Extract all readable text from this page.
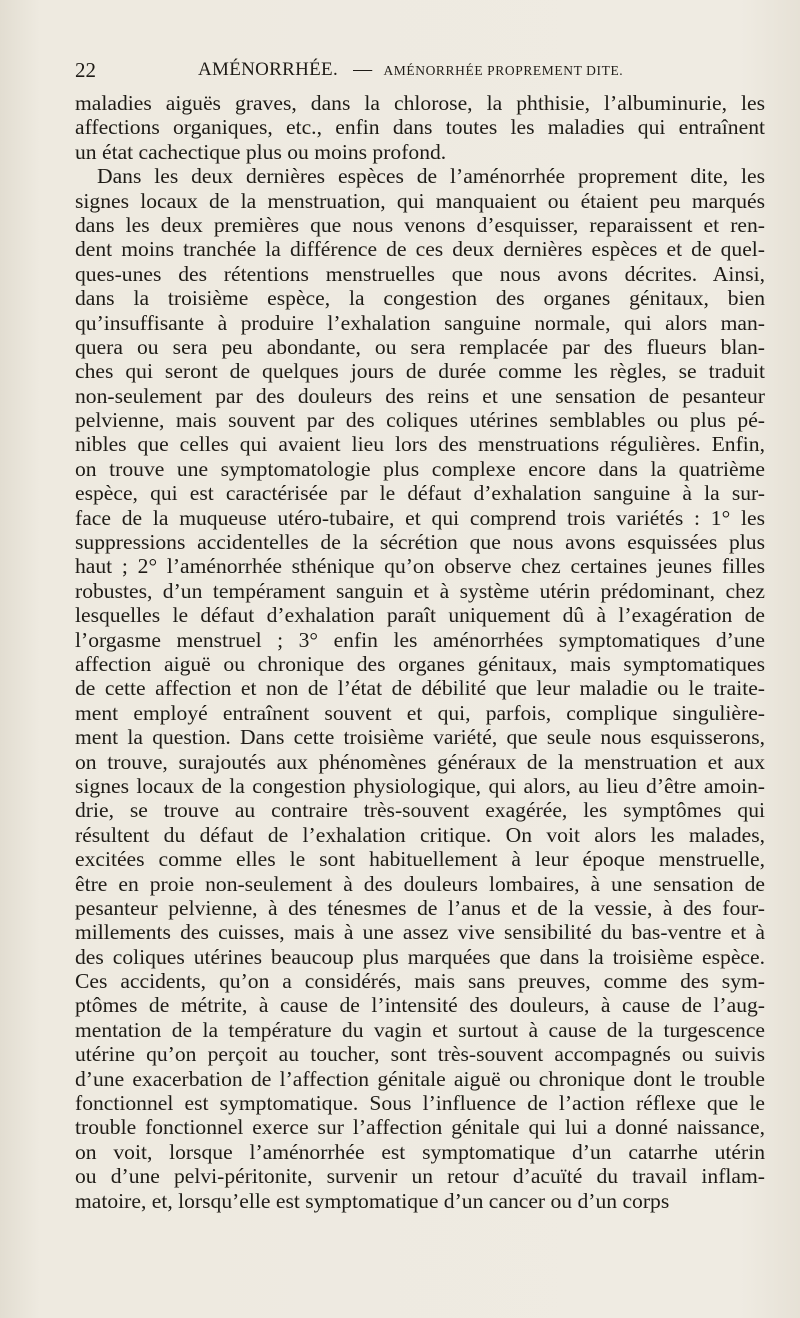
22	AMÉNORRHÉE. — AMÉNORRHÉE PROPREMENT DITE.
maladies aiguës graves, dans la chlorose, la phthisie, l’albuminurie, les
affections organiques, etc., enfin dans toutes les maladies qui entraînent
un état cachectique plus ou moins profond.
Dans les deux dernières espèces de l’aménorrhée proprement dite, les
signes locaux de la menstruation, qui manquaient ou étaient peu marqués
dans les deux premières que nous venons d’esquisser, reparaissent et ren-
dent moins tranchée la différence de ces deux dernières espèces et de quel-
ques-unes des rétentions menstruelles que nous avons décrites. Ainsi,
dans la troisième espèce, la congestion des organes génitaux, bien
qu’insuffisante à produire l’exhalation sanguine normale, qui alors man-
quera ou sera peu abondante, ou sera remplacée par des flueurs blan-
ches qui seront de quelques jours de durée comme les règles, se traduit
non-seulement par des douleurs des reins et une sensation de pesanteur
pelvienne, mais souvent par des coliques utérines semblables ou plus pé-
nibles que celles qui avaient lieu lors des menstruations régulières. Enfin,
on trouve une symptomatologie plus complexe encore dans la quatrième
espèce, qui est caractérisée par le défaut d’exhalation sanguine à la sur-
face de la muqueuse utéro-tubaire, et qui comprend trois variétés : 1° les
suppressions accidentelles de la sécrétion que nous avons esquissées plus
haut ; 2° l’aménorrhée sthénique qu’on observe chez certaines jeunes filles
robustes, d’un tempérament sanguin et à système utérin prédominant, chez
lesquelles le défaut d’exhalation paraît uniquement dû à l’exagération de
l’orgasme menstruel ; 3° enfin les aménorrhées symptomatiques d’une
affection aiguë ou chronique des organes génitaux, mais symptomatiques
de cette affection et non de l’état de débilité que leur maladie ou le traite-
ment employé entraînent souvent et qui, parfois, complique singulière-
ment la question. Dans cette troisième variété, que seule nous esquisserons,
on trouve, surajoutés aux phénomènes généraux de la menstruation et aux
signes locaux de la congestion physiologique, qui alors, au lieu d’être amoin-
drie, se trouve au contraire très-souvent exagérée, les symptômes qui
résultent du défaut de l’exhalation critique. On voit alors les malades,
excitées comme elles le sont habituellement à leur époque menstruelle,
être en proie non-seulement à des douleurs lombaires, à une sensation de
pesanteur pelvienne, à des ténesmes de l’anus et de la vessie, à des four-
millements des cuisses, mais à une assez vive sensibilité du bas-ventre et à
des coliques utérines beaucoup plus marquées que dans la troisième espèce.
Ces accidents, qu’on a considérés, mais sans preuves, comme des sym-
ptômes de métrite, à cause de l’intensité des douleurs, à cause de l’aug-
mentation de la température du vagin et surtout à cause de la turgescence
utérine qu’on perçoit au toucher, sont très-souvent accompagnés ou suivis
d’une exacerbation de l’affection génitale aiguë ou chronique dont le trouble
fonctionnel est symptomatique. Sous l’influence de l’action réflexe que le
trouble fonctionnel exerce sur l’affection génitale qui lui a donné naissance,
on voit, lorsque l’aménorrhée est symptomatique d’un catarrhe utérin
ou d’une pelvi-péritonite, survenir un retour d’acuïté du travail inflam-
matoire, et, lorsqu’elle est symptomatique d’un cancer ou d’un corps
